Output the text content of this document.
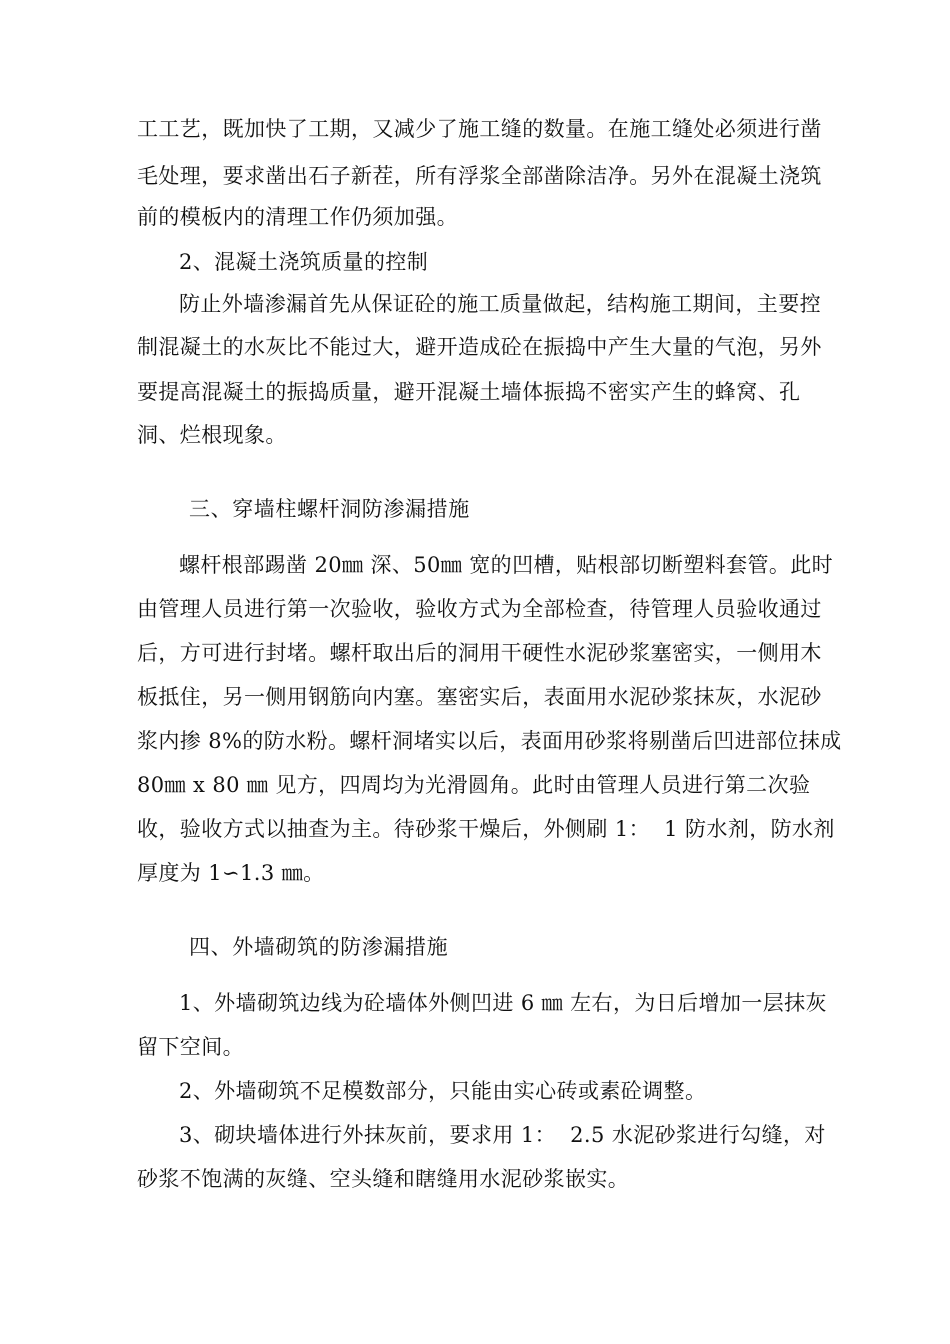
工工艺，既加快了工期，又减少了施工缝的数量。在施工缝处必须进行凿
毛处理，要求凿出石子新茬，所有浮浆全部凿除洁净。另外在混凝土浇筑
前的模板内的清理工作仍须加强。
2、混凝土浇筑质量的控制
防止外墙渗漏首先从保证砼的施工质量做起，结构施工期间，主要控
制混凝土的水灰比不能过大，避开造成砼在振捣中产生大量的气泡，另外
要提高混凝土的振捣质量，避开混凝土墙体振捣不密实产生的蜂窝、孔
洞、烂根现象。
三、穿墙柱螺杆洞防渗漏措施
螺杆根部踢凿 20㎜ 深、50㎜ 宽的凹槽，贴根部切断塑料套管。此时
由管理人员进行第一次验收，验收方式为全部检查，待管理人员验收通过
后，方可进行封堵。螺杆取出后的洞用干硬性水泥砂浆塞密实，一侧用木
板抵住，另一侧用钢筋向内塞。塞密实后，表面用水泥砂浆抹灰，水泥砂
浆内掺 8%的防水粉。螺杆洞堵实以后，表面用砂浆将剔凿后凹进部位抹成
80㎜ x 80 ㎜ 见方，四周均为光滑圆角。此时由管理人员进行第二次验
收，验收方式以抽查为主。待砂浆干燥后，外侧刷 1：  1 防水剂，防水剂
厚度为 1∽1.3 ㎜。
四、外墙砌筑的防渗漏措施
1、外墙砌筑边线为砼墙体外侧凹进 6 ㎜ 左右，为日后增加一层抹灰
留下空间。
2、外墙砌筑不足模数部分，只能由实心砖或素砼调整。
3、砌块墙体进行外抹灰前，要求用 1：  2.5 水泥砂浆进行勾缝，对
砂浆不饱满的灰缝、空头缝和瞎缝用水泥砂浆嵌实。
